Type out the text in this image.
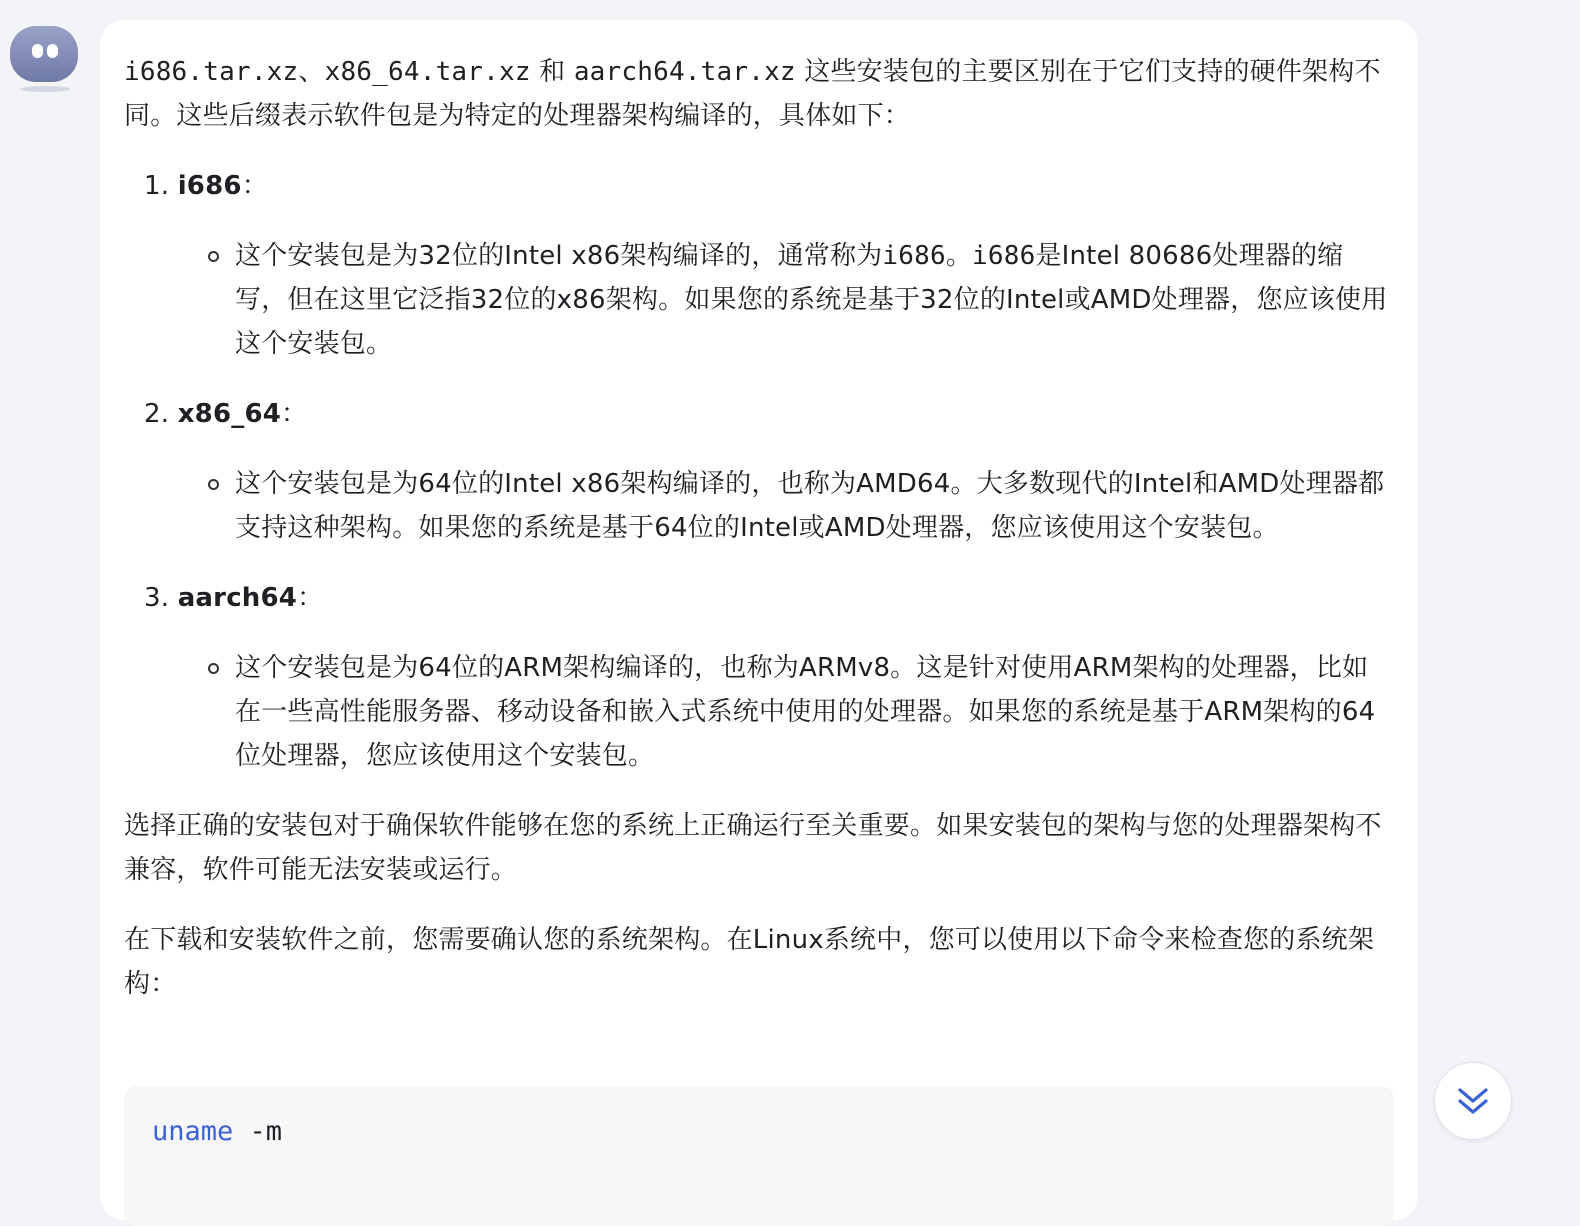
i686.tar.xz、x86_64.tar.xz 和 aarch64.tar.xz 这些安装包的主要区别在于它们支持的硬件架构不同。这些后缀表示软件包是为特定的处理器架构编译的，具体如下：

1. i686：
这个安装包是为32位的Intel x86架构编译的，通常称为i686。i686是Intel 80686处理器的缩写，但在这里它泛指32位的x86架构。如果您的系统是基于32位的Intel或AMD处理器，您应该使用这个安装包。
2. x86_64：
这个安装包是为64位的Intel x86架构编译的，也称为AMD64。大多数现代的Intel和AMD处理器都支持这种架构。如果您的系统是基于64位的Intel或AMD处理器，您应该使用这个安装包。
3. aarch64：
这个安装包是为64位的ARM架构编译的，也称为ARMv8。这是针对使用ARM架构的处理器，比如在一些高性能服务器、移动设备和嵌入式系统中使用的处理器。如果您的系统是基于ARM架构的64位处理器，您应该使用这个安装包。

选择正确的安装包对于确保软件能够在您的系统上正确运行至关重要。如果安装包的架构与您的处理器架构不兼容，软件可能无法安装或运行。

在下载和安装软件之前，您需要确认您的系统架构。在Linux系统中，您可以使用以下命令来检查您的系统架构：

uname -m
